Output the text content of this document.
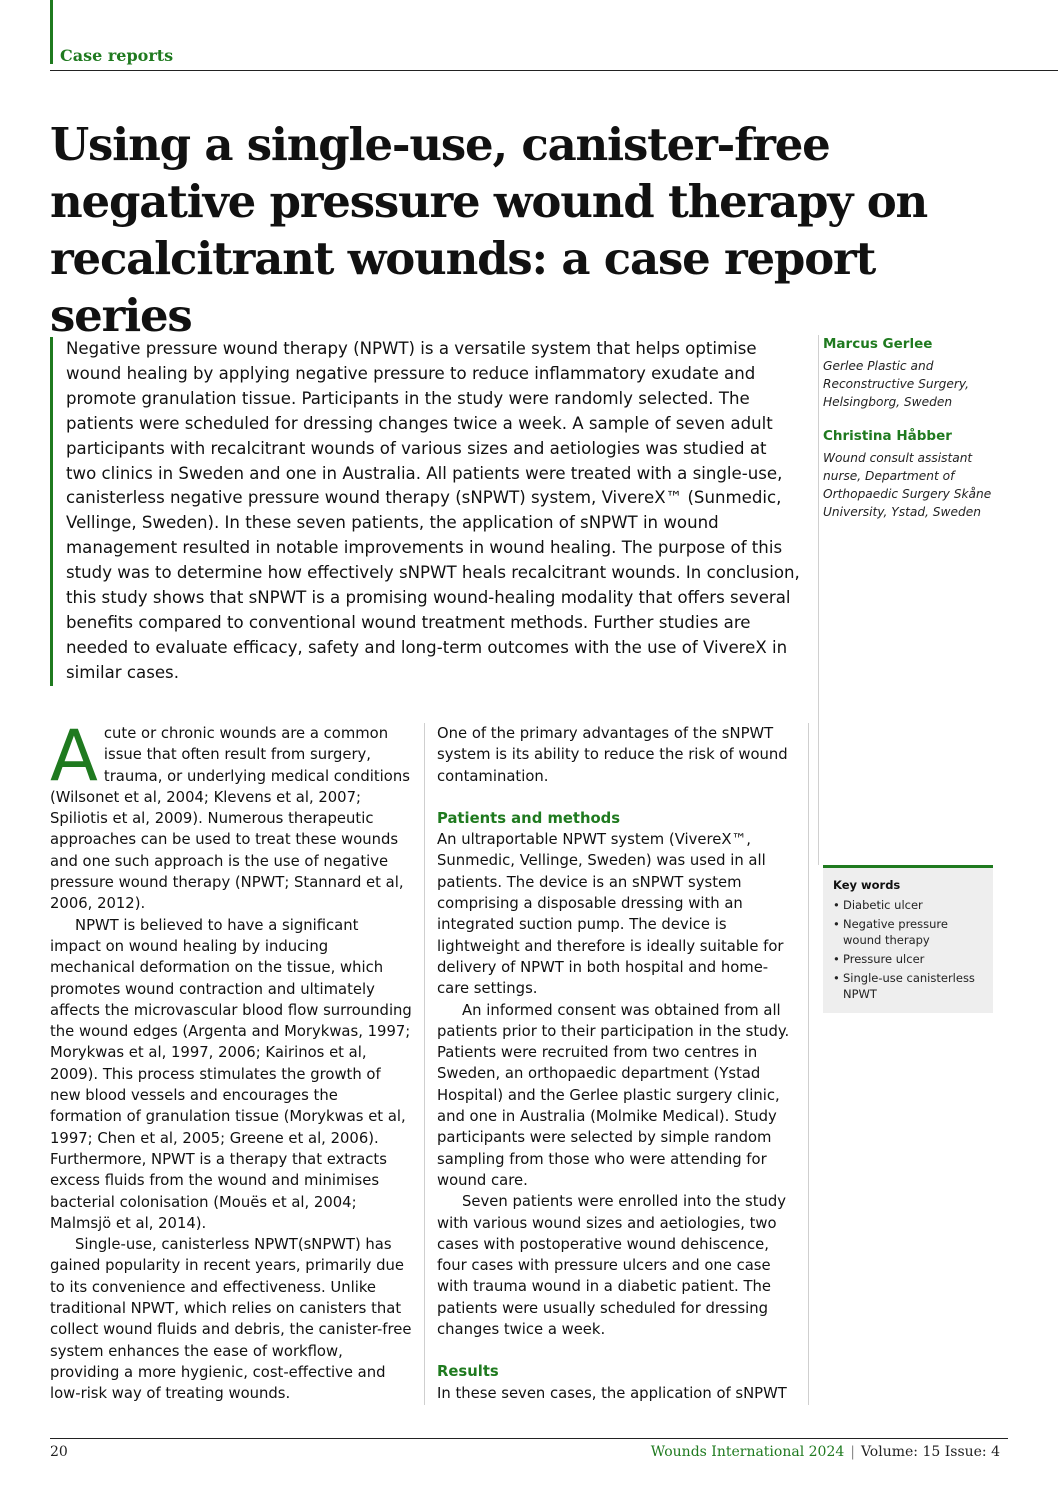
Case reports
Using a single-use, canister-free negative pressure wound therapy on recalcitrant wounds: a case report series
Negative pressure wound therapy (NPWT) is a versatile system that helps optimise wound healing by applying negative pressure to reduce inflammatory exudate and promote granulation tissue. Participants in the study were randomly selected. The patients were scheduled for dressing changes twice a week. A sample of seven adult participants with recalcitrant wounds of various sizes and aetiologies was studied at two clinics in Sweden and one in Australia. All patients were treated with a single-use, canisterless negative pressure wound therapy (sNPWT) system, ViverеX™ (Sunmedic, Vellinge, Sweden). In these seven patients, the application of sNPWT in wound management resulted in notable improvements in wound healing. The purpose of this study was to determine how effectively sNPWT heals recalcitrant wounds. In conclusion, this study shows that sNPWT is a promising wound-healing modality that offers several benefits compared to conventional wound treatment methods. Further studies are needed to evaluate efficacy, safety and long-term outcomes with the use of VivereX in similar cases.
Marcus Gerlee
Gerlee Plastic and Reconstructive Surgery, Helsingborg, Sweden
Christina Håbber
Wound consult assistant nurse, Department of Orthopaedic Surgery Skåne University, Ystad, Sweden
Key words
• Diabetic ulcer
• Negative pressure wound therapy
• Pressure ulcer
• Single-use canisterless NPWT

Acute or chronic wounds are a common issue that often result from surgery, trauma, or underlying medical conditions (Wilsonet et al, 2004; Klevens et al, 2007; Spiliotis et al, 2009). Numerous therapeutic approaches can be used to treat these wounds and one such approach is the use of negative pressure wound therapy (NPWT; Stannard et al, 2006, 2012).

NPWT is believed to have a significant impact on wound healing by inducing mechanical deformation on the tissue, which promotes wound contraction and ultimately affects the microvascular blood flow surrounding the wound edges (Argenta and Morykwas, 1997; Morykwas et al, 1997, 2006; Kairinos et al, 2009). This process stimulates the growth of new blood vessels and encourages the formation of granulation tissue (Morykwas et al, 1997; Chen et al, 2005; Greene et al, 2006). Furthermore, NPWT is a therapy that extracts excess fluids from the wound and minimises bacterial colonisation (Mouës et al, 2004; Malmsjö et al, 2014).

Single-use, canisterless NPWT(sNPWT) has gained popularity in recent years, primarily due to its convenience and effectiveness. Unlike traditional NPWT, which relies on canisters that collect wound fluids and debris, the canister-free system enhances the ease of workflow, providing a more hygienic, cost-effective and low-risk way of treating wounds.

One of the primary advantages of the sNPWT system is its ability to reduce the risk of wound contamination.

Patients and methods

An ultraportable NPWT system (VivereX™, Sunmedic, Vellinge, Sweden) was used in all patients. The device is an sNPWT system comprising a disposable dressing with an integrated suction pump. The device is lightweight and therefore is ideally suitable for delivery of NPWT in both hospital and home-care settings.

An informed consent was obtained from all patients prior to their participation in the study. Patients were recruited from two centres in Sweden, an orthopaedic department (Ystad Hospital) and the Gerlee plastic surgery clinic, and one in Australia (Molmike Medical). Study participants were selected by simple random sampling from those who were attending for wound care.

Seven patients were enrolled into the study with various wound sizes and aetiologies, two cases with postoperative wound dehiscence, four cases with pressure ulcers and one case with trauma wound in a diabetic patient. The patients were usually scheduled for dressing changes twice a week.

Results

In these seven cases, the application of sNPWT

20	Wounds International 2024 | Volume: 15 Issue: 4
